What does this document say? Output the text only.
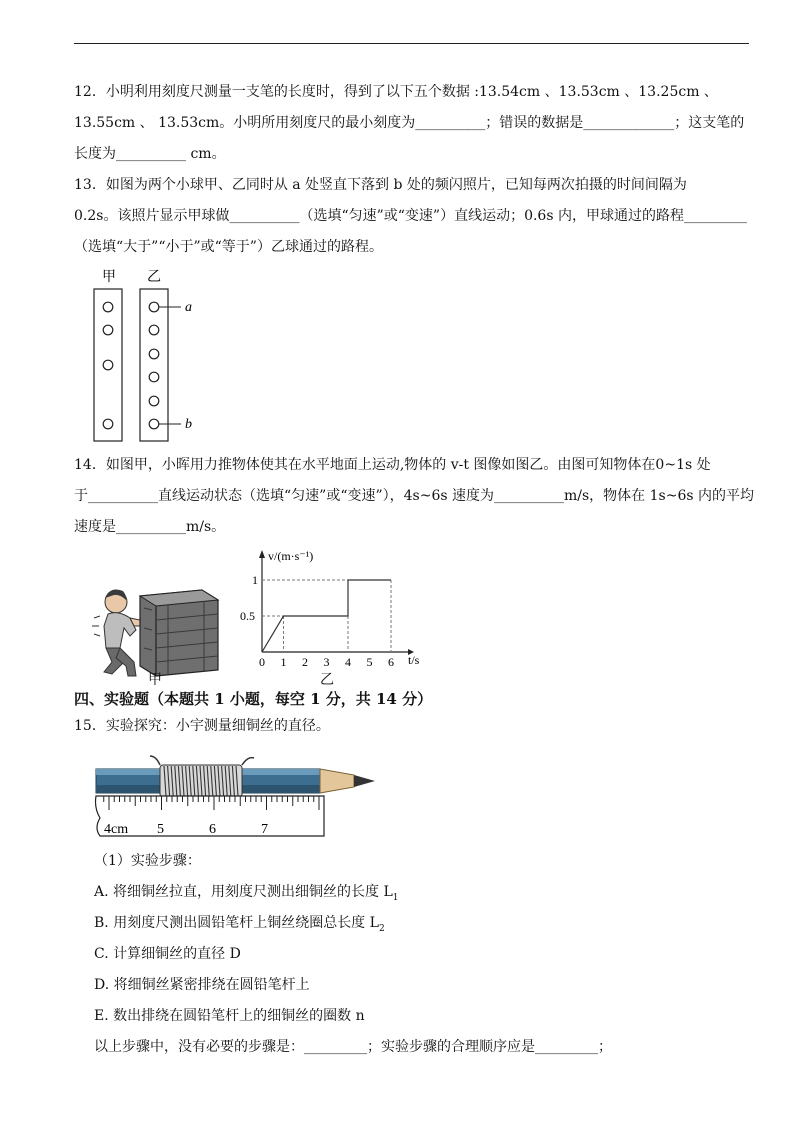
12．小明利用刻度尺测量一支笔的长度时，得到了以下五个数据 :13.54cm 、13.53cm 、13.25cm 、
13.55cm 、 13.53cm。小明所用刻度尺的最小刻度为__________；错误的数据是_____________；这支笔的
长度为__________ cm。
13．如图为两个小球甲、乙同时从 a 处竖直下落到 b 处的频闪照片，已知每两次拍摄的时间间隔为
0.2s。该照片显示甲球做__________（选填“匀速”或“变速”）直线运动；0.6s 内，甲球通过的路程_________
（选填“大于”“小于”或“等于”）乙球通过的路程。
甲 乙
a
b
14．如图甲，小晖用力推物体使其在水平地面上运动,物体的 v-t 图像如图乙。由图可知物体在0~1s 处
于__________直线运动状态（选填“匀速”或“变速”），4s~6s 速度为__________m/s，物体在 1s~6s 内的平均
速度是__________m/s。
甲
v/(m·s⁻¹)
t/s
0 1 2 3 4 5 6
0.5
1
乙
四、实验题（本题共 1 小题，每空 1 分，共 14 分）
15．实验探究：小宇测量细铜丝的直径。
4cm 5	6	7
（1）实验步骤：
A. 将细铜丝拉直，用刻度尺测出细铜丝的长度 $L_1$
B. 用刻度尺测出圆铅笔杆上铜丝绕圈总长度 $L_2$
C. 计算细铜丝的直径 D
D. 将细铜丝紧密排绕在圆铅笔杆上
E. 数出排绕在圆铅笔杆上的细铜丝的圈数 n
以上步骤中，没有必要的步骤是：_________；实验步骤的合理顺序应是_________；
